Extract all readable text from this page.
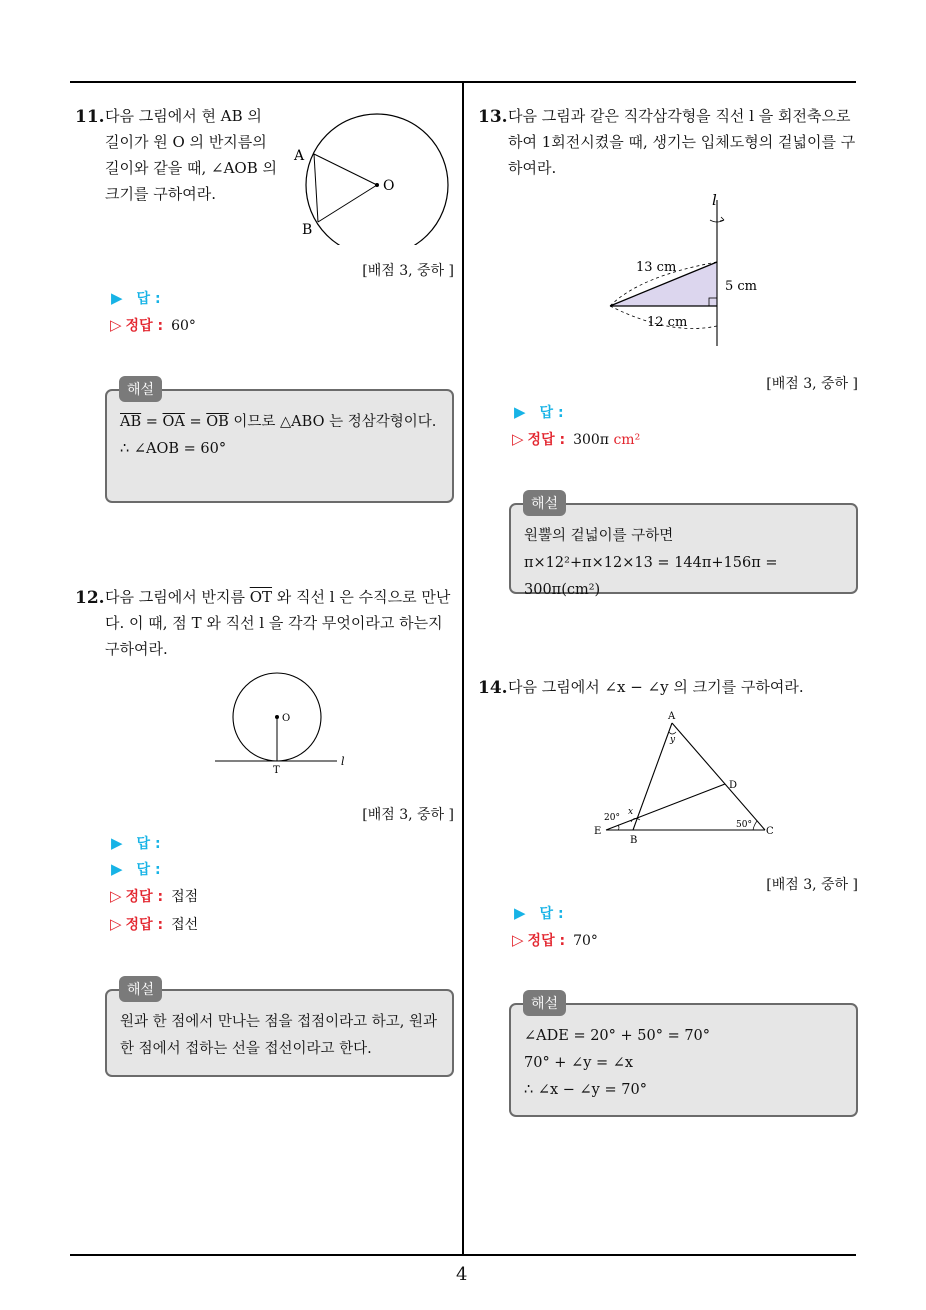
4
11. 다음 그림에서 현 AB 의 길이가 원 O 의 반지름의 길이와 같을 때, ∠AOB 의 크기를 구하여라.
A
B
O
[배점 3, 중하 ]
▶ 답 :
▷ 정답 : 60°
$\overline{AB} = \overline{OA} = \overline{OB}$ 이므로 △ABO 는 정삼각형이다.
∴ ∠AOB = 60°
해설
12. 다음 그림에서 반지름 $\overline{OT}$ 와 직선 l 은 수직으로 만난다. 이 때, 점 T 와 직선 l 을 각각 무엇이라고 하는지 구하여라.
O
T
l
[배점 3, 중하 ]
▶ 답 :
▶ 답 :
▷ 정답 : 접점
▷ 정답 : 접선
원과 한 점에서 만나는 점을 접점이라고 하고, 원과 한 점에서 접하는 선을 접선이라고 한다.
해설
13. 다음 그림과 같은 직각삼각형을 직선 l 을 회전축으로 하여 1회전시켰을 때, 생기는 입체도형의 겉넓이를 구하여라.
l
13 cm
5 cm
12 cm
[배점 3, 중하 ]
▶ 답 :
▷ 정답 : 300π cm²
원뿔의 겉넓이를 구하면
π×12²+π×12×13 = 144π+156π = 300π(cm²)
해설
14. 다음 그림에서 ∠x − ∠y 의 크기를 구하여라.
A
y
D
x
20°
50°
E
B
C
[배점 3, 중하 ]
▶ 답 :
▷ 정답 : 70°
∠ADE = 20° + 50° = 70°
70° + ∠y = ∠x
∴ ∠x − ∠y = 70°
해설
